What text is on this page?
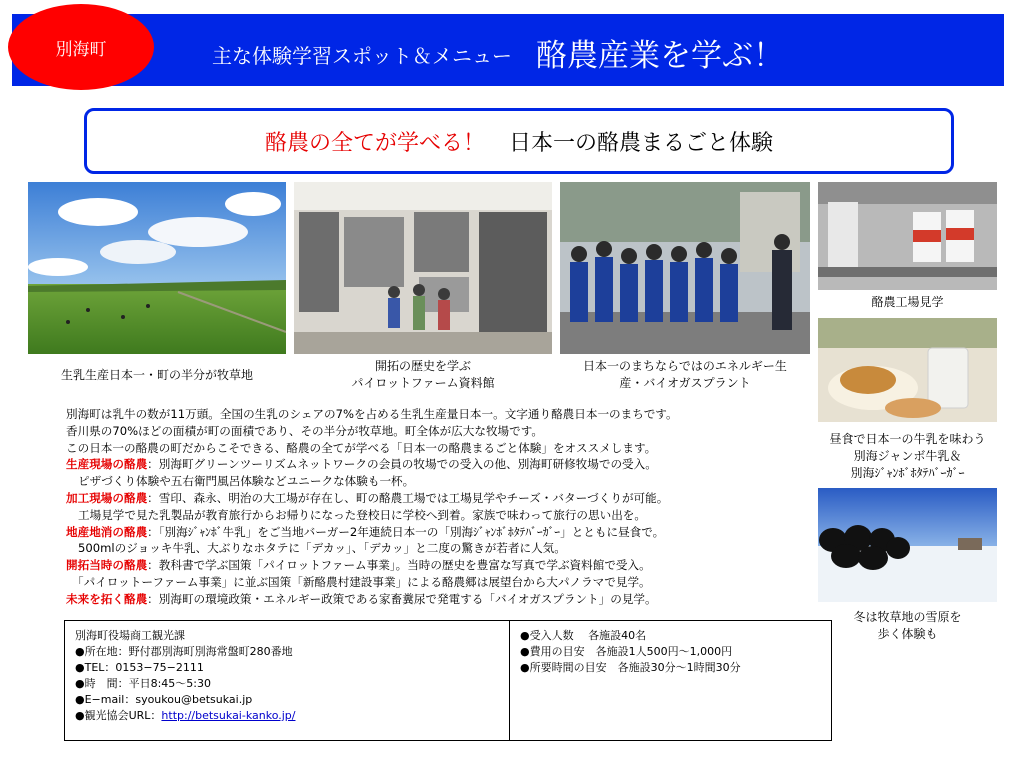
別海町	主な体験学習スポット＆メニュー 酪農産業を学ぶ！
酪農の全てが学べる！ 日本一の酪農まるごと体験
生乳生産日本一・町の半分が牧草地
開拓の歴史を学ぶ
パイロットファーム資料館
日本一のまちならではのエネルギー生
産・バイオガスプラント
酪農工場見学
昼食で日本一の牛乳を味わう
別海ジャンボ牛乳＆
別海ｼﾞｬﾝﾎﾞﾎﾀﾃﾊﾞｰｶﾞｰ
冬は牧草地の雪原を
歩く体験も
別海町は乳牛の数が11万頭。全国の生乳のシェアの7%を占める生乳生産量日本一。文字通り酪農日本一のまちです。
香川県の70%ほどの面積が町の面積であり、その半分が牧草地。町全体が広大な牧場です。
この日本一の酪農の町だからこそできる、酪農の全てが学べる「日本一の酪農まるごと体験」をオススメします。
生産現場の酪農：別海町グリーンツーリズムネットワークの会員の牧場での受入の他、別海町研修牧場での受入。
ピザづくり体験や五右衛門風呂体験などユニークな体験も一杯。
加工現場の酪農：雪印、森永、明治の大工場が存在し、町の酪農工場では工場見学やチーズ・バターづくりが可能。
工場見学で見た乳製品が教育旅行からお帰りになった登校日に学校へ到着。家族で味わって旅行の思い出を。
地産地消の酪農：「別海ｼﾞｬﾝﾎﾞ牛乳」をご当地バーガー2年連続日本一の「別海ｼﾞｬﾝﾎﾞﾎﾀﾃﾊﾞｰｶﾞｰ」とともに昼食で。
500mlのジョッキ牛乳、大ぶりなホタテに「デカッ」、「デカッ」と二度の驚きが若者に人気。
開拓当時の酪農：教科書で学ぶ国策「パイロットファーム事業」。当時の歴史を豊富な写真で学ぶ資料館で受入。
「パイロットーファーム事業」に並ぶ国策「新酪農村建設事業」による酪農郷は展望台から大パノラマで見学。
未来を拓く酪農：別海町の環境政策・エネルギー政策である家畜糞尿で発電する「バイオガスプラント」の見学。
別海町役場商工観光課
●所在地：野付郡別海町別海常盤町280番地
●TEL：0153−75−2111
●時　間：平日8:45～5:30
●E−mail：syoukou@betsukai.jp
●観光協会URL：http://betsukai-kanko.jp/
●受入人数　 各施設40名
●費用の目安　各施設1人500円～1,000円
●所要時間の目安　各施設30分～1時間30分
